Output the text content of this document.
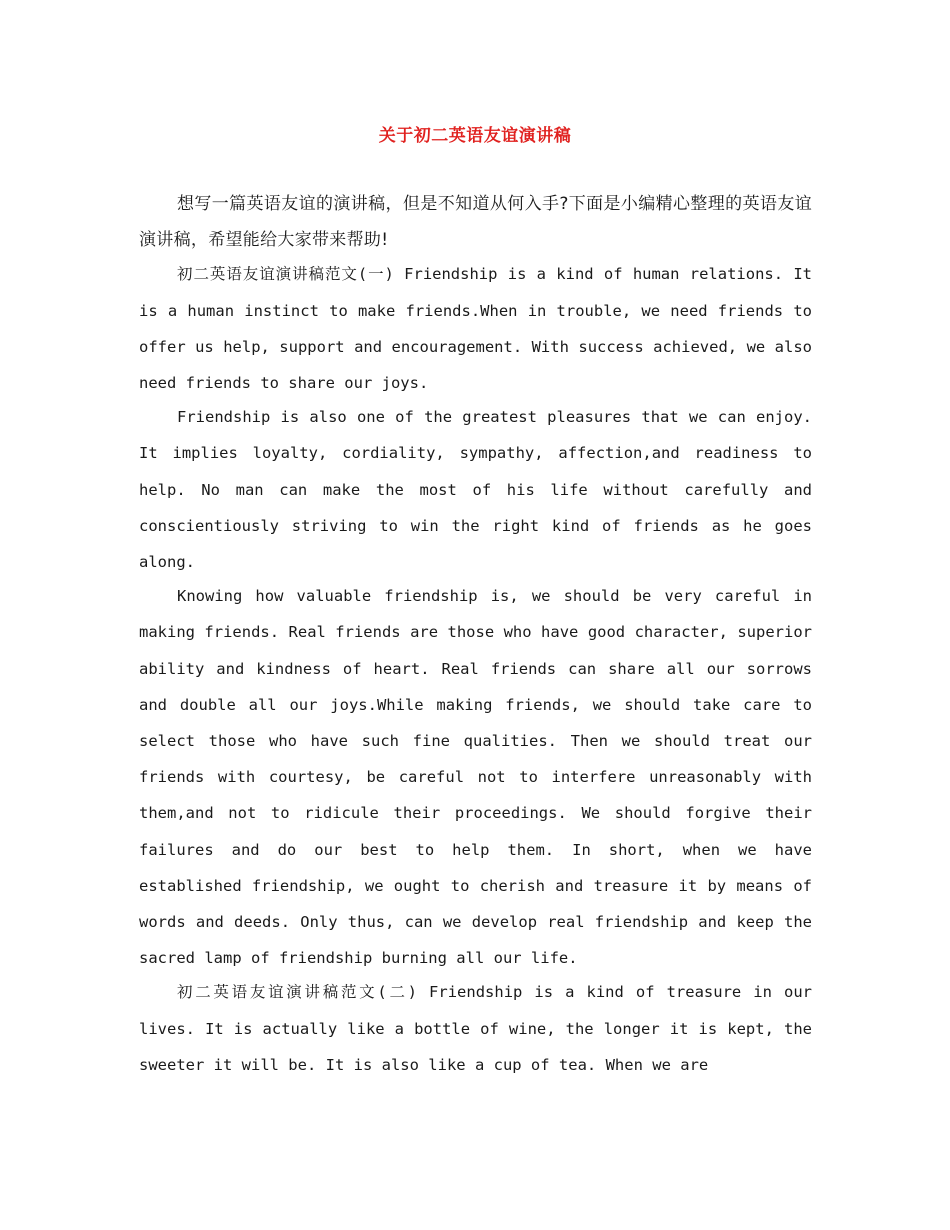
关于初二英语友谊演讲稿

想写一篇英语友谊的演讲稿，但是不知道从何入手?下面是小编精心整理的英语友谊演讲稿，希望能给大家带来帮助!

初二英语友谊演讲稿范文(一) Friendship is a kind of human relations. It is a human instinct to make friends.When in trouble, we need friends to offer us help, support and encouragement. With success achieved, we also need friends to share our joys.

Friendship is also one of the greatest pleasures that we can enjoy. It implies loyalty, cordiality, sympathy, affection,and readiness to help. No man can make the most of his life without carefully and conscientiously striving to win the right kind of friends as he goes along.

Knowing how valuable friendship is, we should be very careful in making friends. Real friends are those who have good character, superior ability and kindness of heart. Real friends can share all our sorrows and double all our joys.While making friends, we should take care to select those who have such fine qualities. Then we should treat our friends with courtesy, be careful not to interfere unreasonably with them,and not to ridicule their proceedings. We should forgive their failures and do our best to help them. In short, when we have established friendship, we ought to cherish and treasure it by means of words and deeds. Only thus, can we develop real friendship and keep the sacred lamp of friendship burning all our life.

初二英语友谊演讲稿范文(二) Friendship is a kind of treasure in our lives. It is actually like a bottle of wine, the longer it is kept, the sweeter it will be. It is also like a cup of tea. When we are
